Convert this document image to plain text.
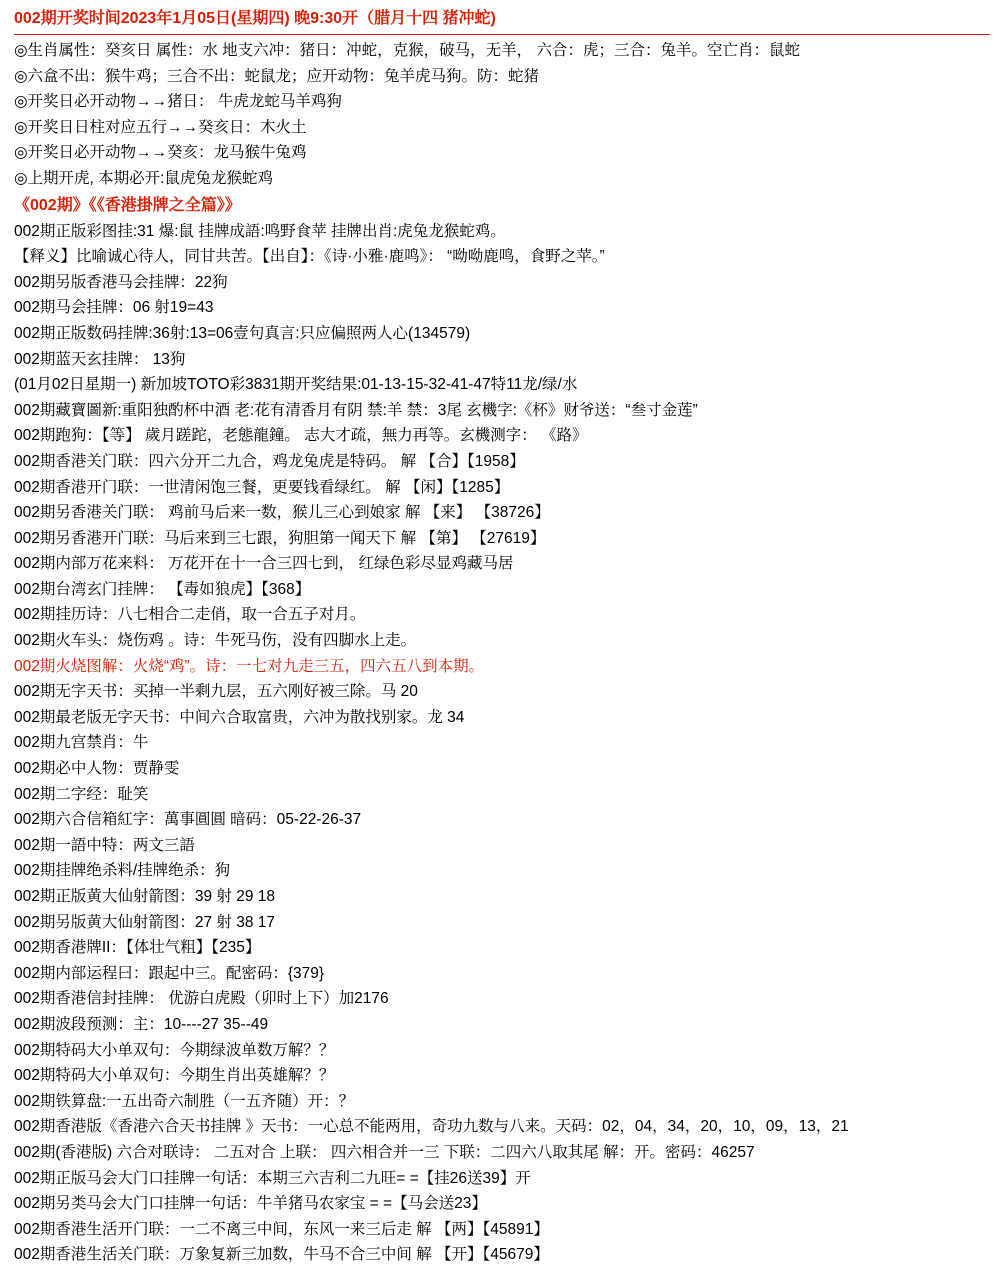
002期开奖时间2023年1月05日(星期四) 晚9:30开（腊月十四 猪冲蛇)
◎生肖属性：癸亥日 属性：水 地支六冲：猪日：冲蛇，克猴，破马，无羊， 六合：虎；三合：兔羊。空亡肖：鼠蛇
◎六盒不出：猴牛鸡；三合不出：蛇鼠龙；应开动物：兔羊虎马狗。防：蛇猪
◎开奖日必开动物→→猪日： 牛虎龙蛇马羊鸡狗
◎开奖日日柱对应五行→→癸亥日：木火土
◎开奖日必开动物→→癸亥：龙马猴牛兔鸡
◎上期开虎, 本期必开:鼠虎兔龙猴蛇鸡
《002期》《《香港掛牌之全篇》》
002期正版彩图挂:31 爆:鼠 挂牌成語:鸣野食苹 挂牌出肖:虎兔龙猴蛇鸡。
【释义】比喻诚心待人，同甘共苦。【出自】：《诗·小雅·鹿鸣》： “呦呦鹿鸣，食野之苹。”
002期另版香港马会挂牌：22狗
002期马会挂牌：06 射19=43
002期正版数码挂牌:36射:13=06壹句真言:只应偏照两人心(134579)
002期蓝天玄挂牌： 13狗
(01月02日星期一) 新加坡TOTO彩3831期开奖结果:01-13-15-32-41-47特11龙/绿/水
002期藏寶圖新:重阳独酌杯中酒 老:花有清香月有阴 禁:羊 禁：3尾 玄機字:《杯》财爷送：“叁寸金莲”
002期跑狗：【等】 歲月蹉跎，老態龍鐘。 志大才疏，無力再等。玄機测字： 《路》
002期香港关门联：四六分开二九合，鸡龙兔虎是特码。 解 【合】【1958】
002期香港开门联：一世清闲饱三餐，更要钱看绿红。 解 【闲】【1285】
002期另香港关门联： 鸡前马后来一数，猴儿三心到娘家 解 【来】 【38726】
002期另香港开门联：马后来到三七跟，狗胆第一闻天下 解 【第】 【27619】
002期内部万花来料： 万花开在十一合三四七到， 红绿色彩尽显鸡藏马居
002期台湾玄门挂牌： 【毒如狼虎】【368】
002期挂历诗：八七相合二走俏，取一合五子对月。
002期火车头：烧伤鸡 。诗：牛死马伤，没有四脚水上走。
002期火烧图解：火烧“鸡”。诗：一七对九走三五，四六五八到本期。
002期无字天书：买掉一半剩九层，五六刚好被三除。马 20
002期最老版无字天书：中间六合取富贵，六冲为散找别家。龙 34
002期九宫禁肖：牛
002期必中人物：贾静雯
002期二字经：耻笑
002期六合信箱紅字：萬事圓圓 暗码：05-22-26-37
002期一語中特：两文三語
002期挂牌绝杀料/挂牌绝杀：狗
002期正版黄大仙射箭图：39 射 29 18
002期另版黄大仙射箭图：27 射 38 17
002期香港牌II：【体壮气粗】【235】
002期内部运程曰：跟起中三。配密码：{379}
002期香港信封挂牌： 优游白虎殿（卯时上下）加2176
002期波段预测：主：10----27 35--49
002期特码大小单双句：今期绿波单数万解？？
002期特码大小单双句：今期生肖出英雄解？？
002期铁算盘:一五出奇六制胜（一五齐随）开：？
002期香港版《香港六合天书挂牌 》天书：一心总不能两用，奇功九数与八来。天码：02，04，34，20，10，09，13，21
002期(香港版) 六合对联诗： 二五对合 上联： 四六相合并一三 下联：二四六八取其尾 解：开。密码：46257
002期正版马会大门口挂牌一句话：本期三六吉利二九旺= =【挂26送39】开
002期另类马会大门口挂牌一句话：牛羊猪马农家宝 = =【马会送23】
002期香港生活开门联：一二不离三中间，东风一来三后走 解 【两】【45891】
002期香港生活关门联：万象复新三加数，牛马不合三中间 解 【开】【45679】
